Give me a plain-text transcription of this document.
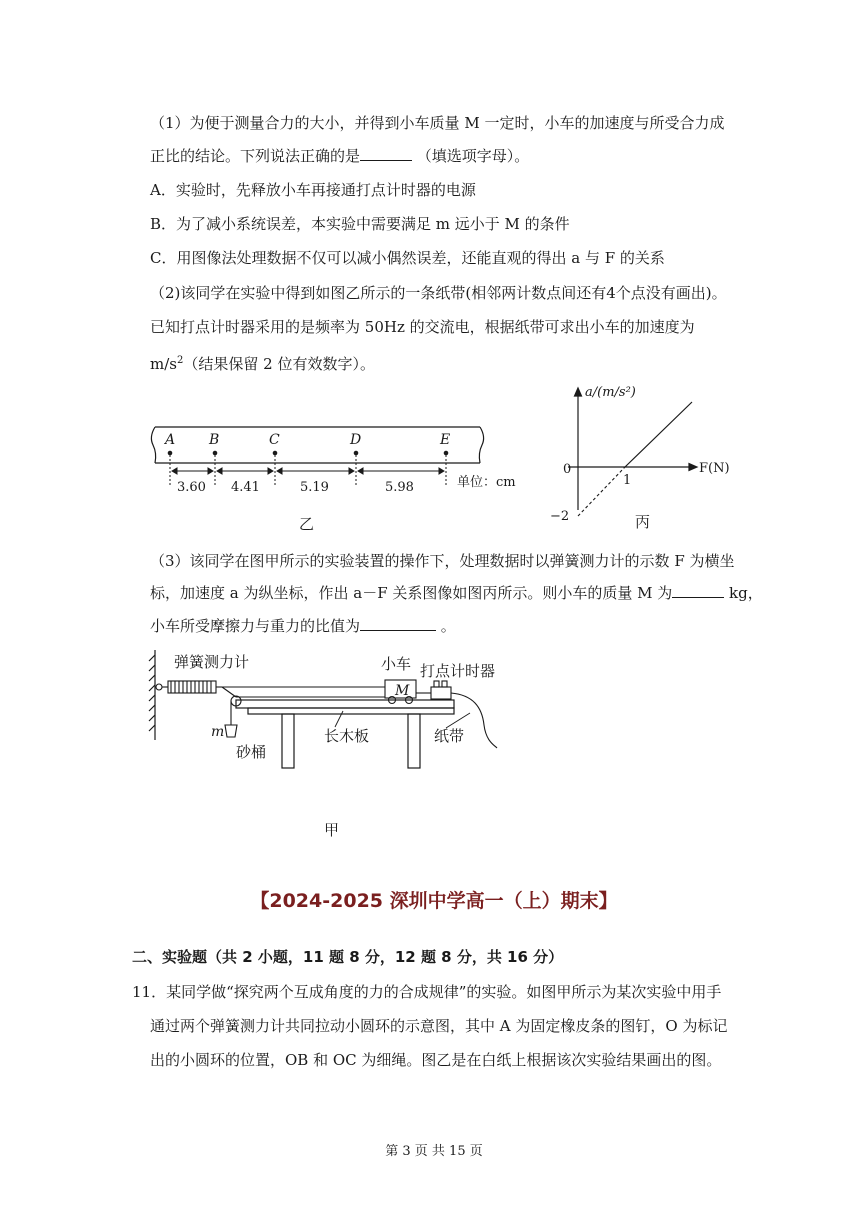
（1）为便于测量合力的大小，并得到小车质量 M 一定时，小车的加速度与所受合力成
正比的结论。下列说法正确的是	（填选项字母）。
A．实验时，先释放小车再接通打点计时器的电源
B．为了减小系统误差，本实验中需要满足 m 远小于 M 的条件
C．用图像法处理数据不仅可以减小偶然误差，还能直观的得出 a 与 F 的关系
（2)该同学在实验中得到如图乙所示的一条纸带(相邻两计数点间还有4个点没有画出)。
已知打点计时器采用的是频率为 50Hz 的交流电，根据纸带可求出小车的加速度为
$m/s^2$（结果保留 2 位有效数字）。
A B	C	D	E
3.60 4.41	5.19	5.98	单位：cm
乙
a/(m/s²)
0	F(N)
1
−2	丙
（3）该同学在图甲所示的实验装置的操作下，处理数据时以弹簧测力计的示数 F 为横坐
标，加速度 a 为纵坐标，作出 a－F 关系图像如图丙所示。则小车的质量 M 为	kg，
小车所受摩擦力与重力的比值为	。
弹簧测力计	小车 打点计时器
长木板	纸带
砂桶
M
m
甲
【2024-2025 深圳中学高一（上）期末】
二、实验题（共 2 小题，11 题 8 分，12 题 8 分，共 16 分）
11．某同学做“探究两个互成角度的力的合成规律”的实验。如图甲所示为某次实验中用手
通过两个弹簧测力计共同拉动小圆环的示意图，其中 A 为固定橡皮条的图钉，O 为标记
出的小圆环的位置，OB 和 OC 为细绳。图乙是在白纸上根据该次实验结果画出的图。
第 3 页 共 15 页
